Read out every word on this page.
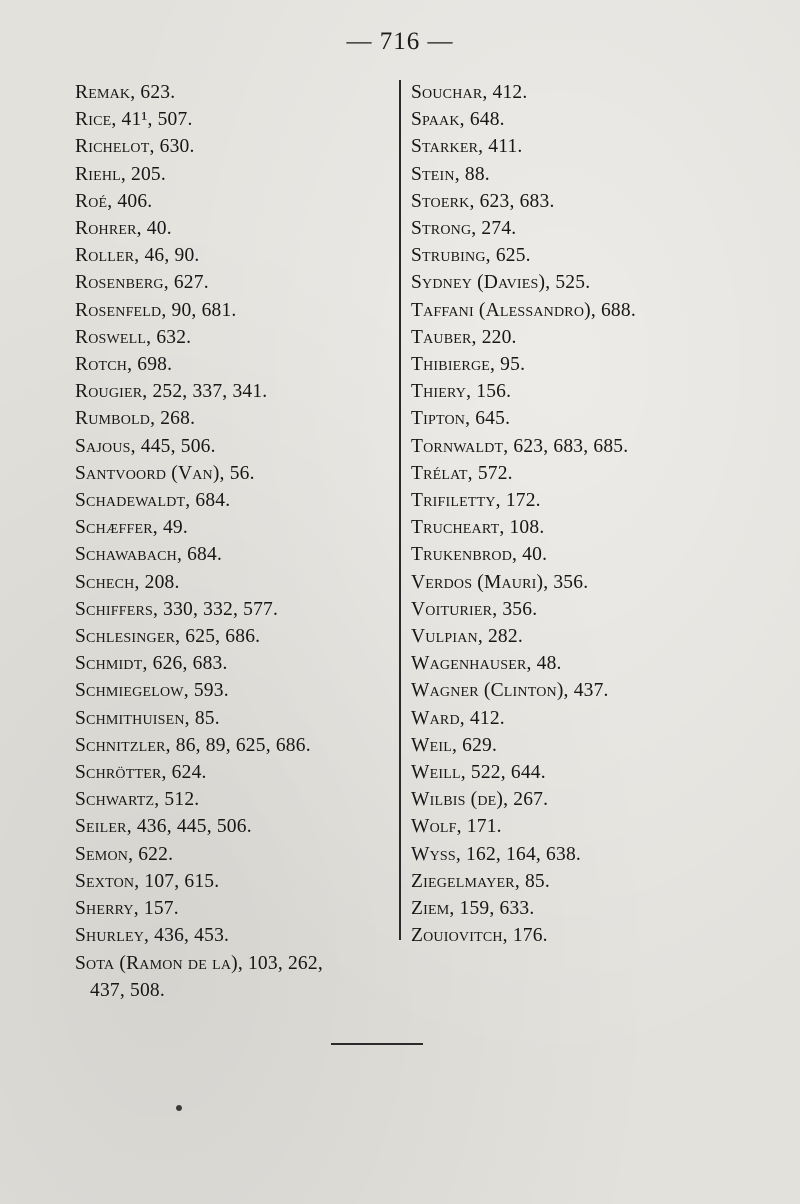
— 716 —
Remak, 623.
Rice, 41¹, 507.
Richelot, 630.
Riehl, 205.
Roé, 406.
Rohrer, 40.
Roller, 46, 90.
Rosenberg, 627.
Rosenfeld, 90, 681.
Roswell, 632.
Rotch, 698.
Rougier, 252, 337, 341.
Rumbold, 268.
Sajous, 445, 506.
Santvoord (Van), 56.
Schadewaldt, 684.
Schæffer, 49.
Schawabach, 684.
Schech, 208.
Schiffers, 330, 332, 577.
Schlesinger, 625, 686.
Schmidt, 626, 683.
Schmiegelow, 593.
Schmithuisen, 85.
Schnitzler, 86, 89, 625, 686.
Schrötter, 624.
Schwartz, 512.
Seiler, 436, 445, 506.
Semon, 622.
Sexton, 107, 615.
Sherry, 157.
Shurley, 436, 453.
Sota (Ramon de la), 103, 262,
437, 508.
Souchar, 412.
Spaak, 648.
Starker, 411.
Stein, 88.
Stoerk, 623, 683.
Strong, 274.
Strubing, 625.
Sydney (Davies), 525.
Taffani (Alessandro), 688.
Tauber, 220.
Thibierge, 95.
Thiery, 156.
Tipton, 645.
Tornwaldt, 623, 683, 685.
Trélat, 572.
Trifiletty, 172.
Trucheart, 108.
Trukenbrod, 40.
Verdos (Mauri), 356.
Voiturier, 356.
Vulpian, 282.
Wagenhauser, 48.
Wagner (Clinton), 437.
Ward, 412.
Weil, 629.
Weill, 522, 644.
Wilbis (de), 267.
Wolf, 171.
Wyss, 162, 164, 638.
Ziegelmayer, 85.
Ziem, 159, 633.
Zouiovitch, 176.
